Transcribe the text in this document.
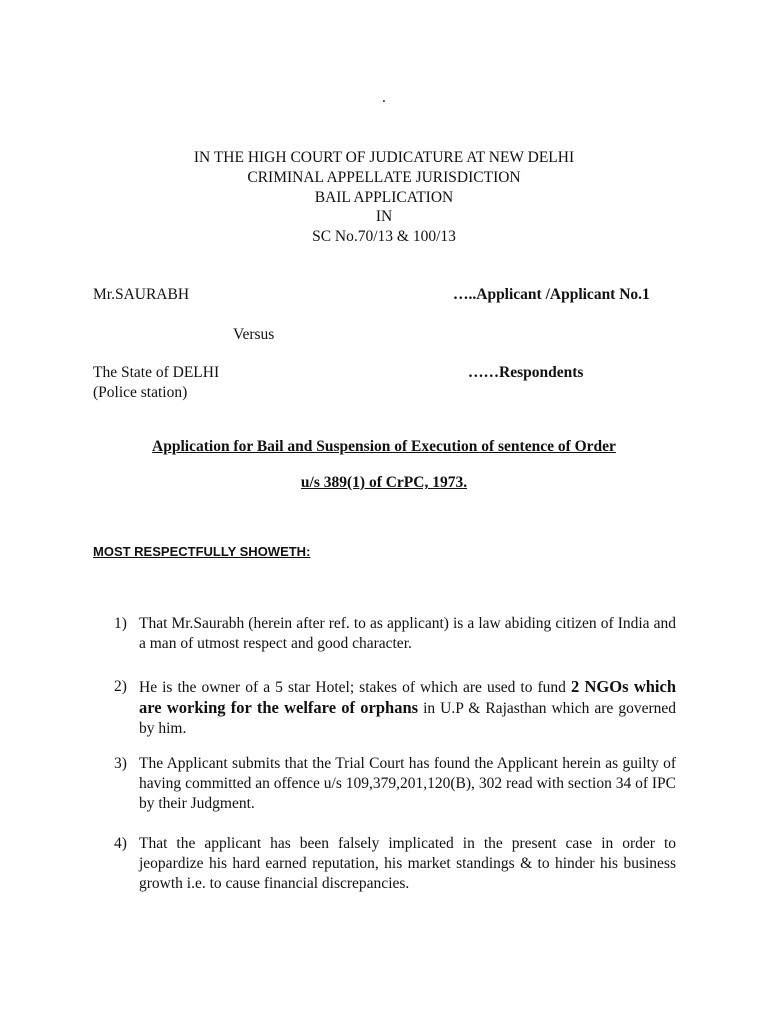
.
IN THE HIGH COURT OF JUDICATURE AT NEW DELHI
CRIMINAL APPELLATE JURISDICTION
BAIL APPLICATION
IN
SC No.70/13 & 100/13
Mr.SAURABH	…..Applicant /Applicant No.1
Versus
The State of DELHI	……Respondents
(Police station)
Application for Bail and Suspension of Execution of sentence of Order
u/s 389(1) of CrPC, 1973.
MOST RESPECTFULLY SHOWETH:
1) That Mr.Saurabh (herein after ref. to as applicant) is a law abiding citizen of India and a man of utmost respect and good character.
2) He is the owner of a 5 star Hotel; stakes of which are used to fund 2 NGOs which are working for the welfare of orphans in U.P & Rajasthan which are governed by him.
3) The Applicant submits that the Trial Court has found the Applicant herein as guilty of having committed an offence u/s 109,379,201,120(B), 302 read with section 34 of IPC by their Judgment.
4) That the applicant has been falsely implicated in the present case in order to jeopardize his hard earned reputation, his market standings & to hinder his business growth i.e. to cause financial discrepancies.
